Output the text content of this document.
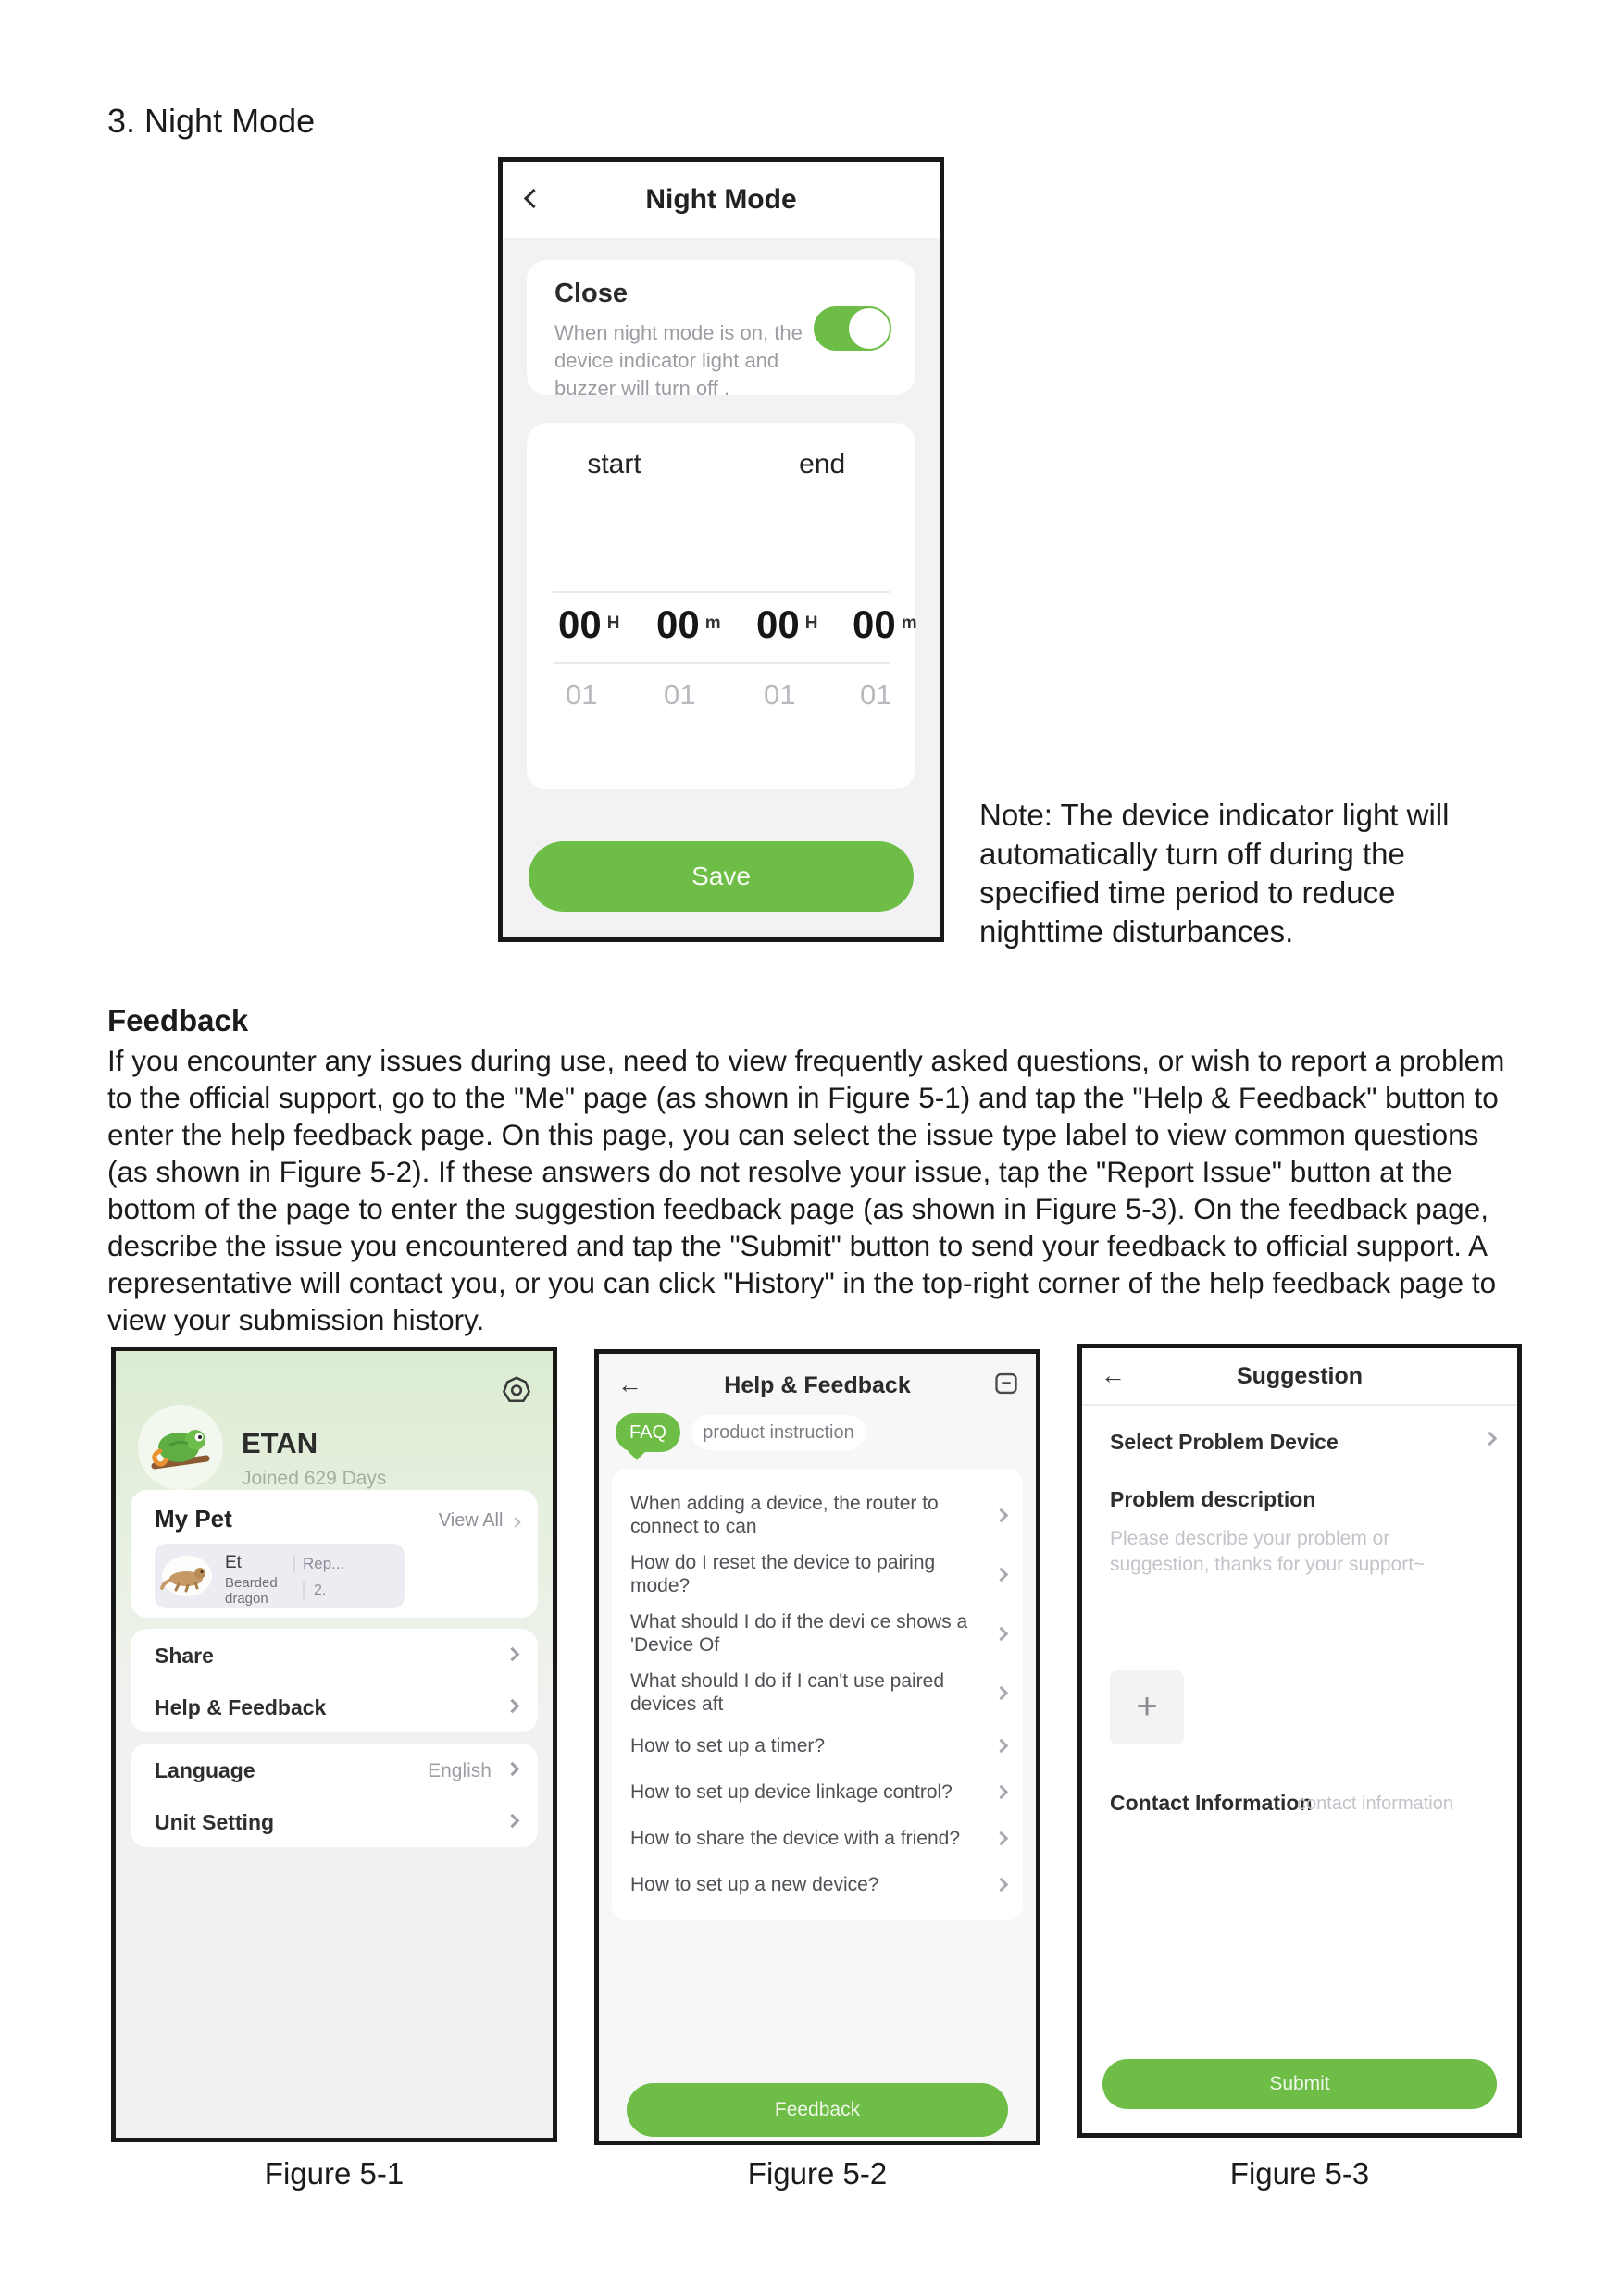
3. Night Mode
Note: The device indicator light will automatically turn off during the specified time period to reduce nighttime disturbances.
Feedback
If you encounter any issues during use, need to view frequently asked questions, or wish to report a problem to the official support, go to the "Me" page (as shown in Figure 5-1) and tap the "Help & Feedback" button to enter the help feedback page. On this page, you can select the issue type label to view common questions (as shown in Figure 5-2). If these answers do not resolve your issue, tap the "Report Issue" button at the bottom of the page to enter the suggestion feedback page (as shown in Figure 5-3). On the feedback page, describe the issue you encountered and tap the "Submit" button to send your feedback to official support. A representative will contact you, or you can click "History" in the top-right corner of the help feedback page to view your submission history.
Figure 5-1	Figure 5-2	Figure 5-3
Night Mode
Close
When night mode is on, the device indicator light and buzzer will turn off .
start	end
00 $^H$ 00 $^m$ 00 $^H$ 00 $^m$
01 01 01 01
Save
ETAN
Joined 629 Days
My Pet	View All
Et	Rep...
Bearded dragon
2.
Share
Help & Feedback
Language	English
Unit Setting
←	Help & Feedback
FAQ	product instruction
When adding a device, the router to connect to can
How do I reset the device to pairing mode?
What should I do if the devi ce shows a 'Device Of
What should I do if I can't use paired devices aft
How to set up a timer?
How to set up device linkage control?
How to share the device with a friend?
How to set up a new device?
Feedback
←	Suggestion
Select Problem Device
Problem description
Please describe your problem or suggestion, thanks for your support~
+
Contact Information
contact information
Submit
